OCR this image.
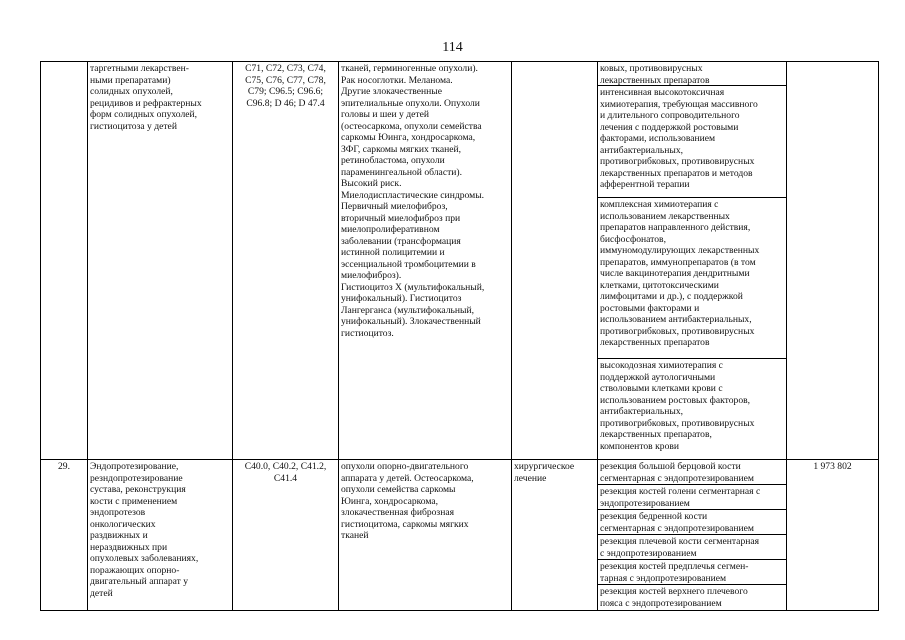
114
таргетными лекарствен-
ными препаратами)
солидных опухолей,
рецидивов и рефрактерных
форм солидных опухолей,
гистиоцитоза у детей
C71, C72, C73, C74,
C75, C76, C77, C78,
C79; C96.5; C96.6;
C96.8; D 46; D 47.4
тканей, герминогенные опухоли).
Рак носоглотки. Меланома.
Другие злокачественные
эпителиальные опухоли. Опухоли
головы и шеи у детей
(остеосаркома, опухоли семейства
саркомы Юинга, хондросаркома,
ЗФГ, саркомы мягких тканей,
ретинобластома, опухоли
параменингеальной области).
Высокий риск.
Миелодиспластические синдромы.
Первичный миелофиброз,
вторичный миелофиброз при
миелопролиферативном
заболевании (трансформация
истинной полицитемии и
эссенциальной тромбоцитемии в
миелофиброз).
Гистиоцитоз Х (мультифокальный,
унифокальный). Гистиоцитоз
Лангерганса (мультифокальный,
унифокальный). Злокачественный
гистиоцитоз.
ковых, противовирусных
лекарственных препаратов
интенсивная высокотоксичная
химиотерапия, требующая массивного
и длительного сопроводительного
лечения с поддержкой ростовыми
факторами, использованием
антибактериальных,
противогрибковых, противовирусных
лекарственных препаратов и методов
афферентной терапии
комплексная химиотерапия с
использованием лекарственных
препаратов направленного действия,
бисфосфонатов,
иммуномодулирующих лекарственных
препаратов, иммунопрепаратов (в том
числе вакцинотерапия дендритными
клетками, цитотоксическими
лимфоцитами и др.), с поддержкой
ростовыми факторами и
использованием антибактериальных,
противогрибковых, противовирусных
лекарственных препаратов
высокодозная химиотерапия с
поддержкой аутологичными
стволовыми клетками крови с
использованием ростовых факторов,
антибактериальных,
противогрибковых, противовирусных
лекарственных препаратов,
компонентов крови
29.	Эндопротезирование,
резндопротезирование
сустава, реконструкция
кости с применением
эндопротезов
онкологических
раздвижных и
нераздвижных при
опухолевых заболеваниях,
поражающих опорно-
двигательный аппарат у
детей
C40.0, C40.2, C41.2,
C41.4
опухоли опорно-двигательного
аппарата у детей. Остеосаркома,
опухоли семейства саркомы
Юинга, хондросаркома,
злокачественная фиброзная
гистиоцитома, саркомы мягких
тканей
хирургическое
лечение
резекция большой берцовой кости
сегментарная с эндопротезированием
резекция костей голени сегментарная с
эндопротезированием
резекция бедренной кости
сегментарная с эндопротезированием
резекция плечевой кости сегментарная
с эндопротезированием
резекция костей предплечья сегмен-
тарная с эндопротезированием
резекция костей верхнего плечевого
пояса с эндопротезированием
1 973 802
